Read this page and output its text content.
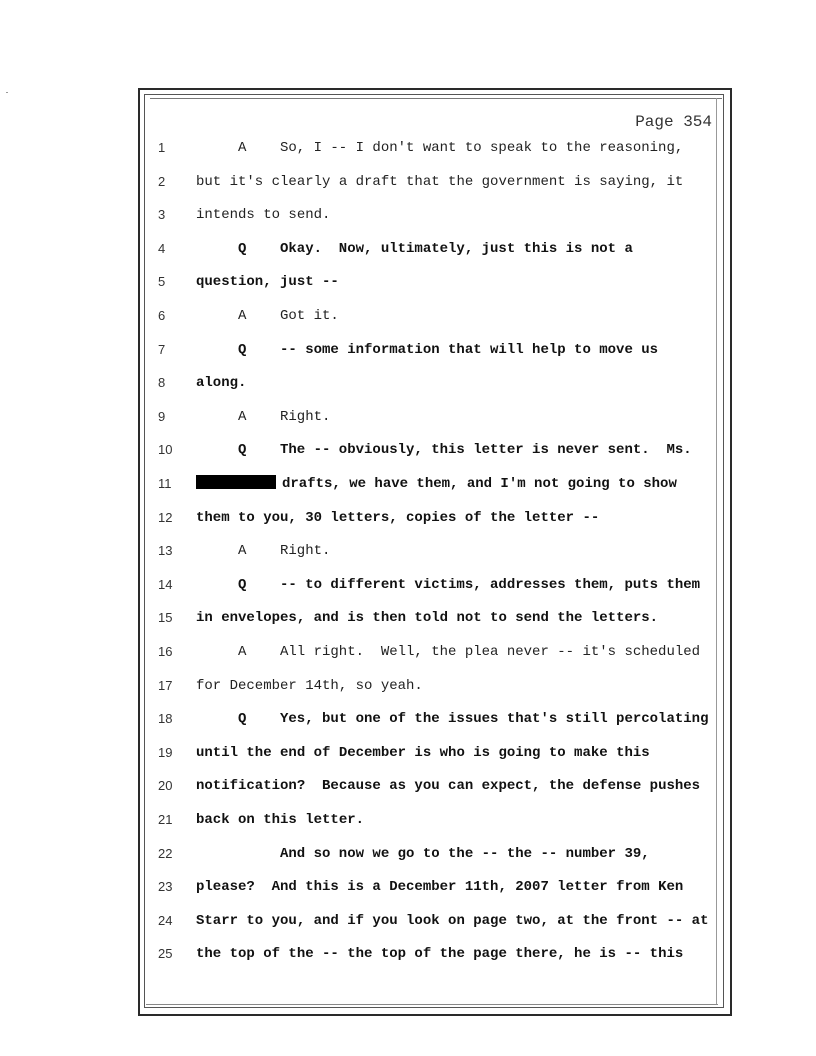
Page 354
1	A	So, I -- I don't want to speak to the reasoning,
2	but it's clearly a draft that the government is saying, it
3	intends to send.
4	Q	Okay.  Now, ultimately, just this is not a
5	question, just --
6	A	Got it.
7	Q	-- some information that will help to move us
8	along.
9	A	Right.
10	Q	The -- obviously, this letter is never sent.  Ms.
11	drafts, we have them, and I'm not going to show
12	them to you, 30 letters, copies of the letter --
13	A	Right.
14	Q	-- to different victims, addresses them, puts them
15	in envelopes, and is then told not to send the letters.
16	A	All right.  Well, the plea never -- it's scheduled
17	for December 14th, so yeah.
18	Q	Yes, but one of the issues that's still percolating
19	until the end of December is who is going to make this
20	notification?  Because as you can expect, the defense pushes
21	back on this letter.
22	And so now we go to the -- the -- number 39,
23	please?  And this is a December 11th, 2007 letter from Ken
24	Starr to you, and if you look on page two, at the front -- at
25	the top of the -- the top of the page there, he is -- this
